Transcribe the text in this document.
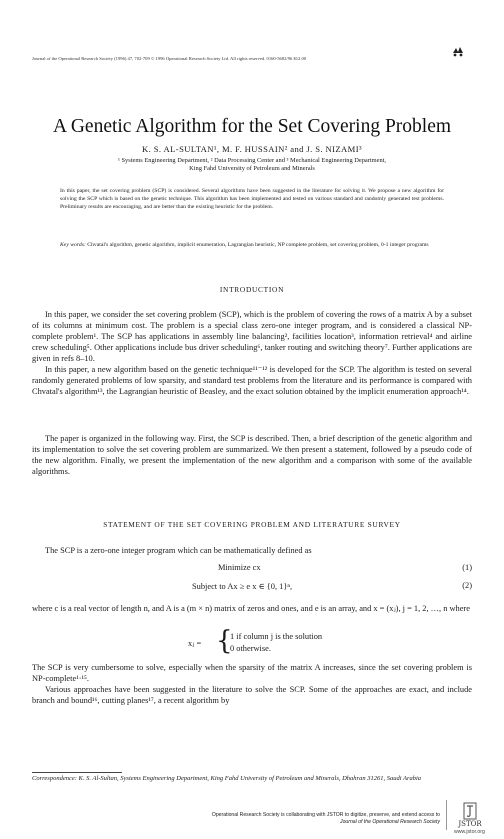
Journal of the Operational Research Society (1996) 47, 702-709 © 1996 Operational Research Society Ltd. All rights reserved. 0160-5682/96 $12.00
A Genetic Algorithm for the Set Covering Problem
K. S. AL-SULTAN¹, M. F. HUSSAIN² and J. S. NIZAMI³
¹ Systems Engineering Department, ² Data Processing Center and ³ Mechanical Engineering Department,
King Fahd University of Petroleum and Minerals
In this paper, the set covering problem (SCP) is considered. Several algorithms have been suggested in the literature for solving it. We propose a new algorithm for solving the SCP which is based on the genetic technique. This algorithm has been implemented and tested on various standard and randomly generated test problems. Preliminary results are encouraging, and are better than the existing heuristic for the problem.
Key words: Chvatal's algorithm, genetic algorithm, implicit enumeration, Lagrangian heuristic, NP complete problem, set covering problem, 0-1 integer programs
INTRODUCTION
In this paper, we consider the set covering problem (SCP), which is the problem of covering the rows of a matrix A by a subset of its columns at minimum cost. The problem is a special class zero-one integer program, and is considered a classical NP-complete problem¹. The SCP has applications in assembly line balancing², facilities location³, information retrieval⁴ and airline crew scheduling⁵. Other applications include bus driver scheduling⁶, tanker routing and switching theory⁷. Further applications are given in refs 8–10.
In this paper, a new algorithm based on the genetic technique¹¹⁻¹² is developed for the SCP. The algorithm is tested on several randomly generated problems of low sparsity, and standard test problems from the literature and its performance is compared with Chvatal's algorithm¹³, the Lagrangian heuristic of Beasley, and the exact solution obtained by the implicit enumeration approach¹⁴.
The paper is organized in the following way. First, the SCP is described. Then, a brief description of the genetic algorithm and its implementation to solve the set covering problem are summarized. We then present a statement, followed by a pseudo code of the new algorithm. Finally, we present the implementation of the new algorithm and a comparison with some of the available algorithms.
STATEMENT OF THE SET COVERING PROBLEM AND LITERATURE SURVEY
The SCP is a zero-one integer program which can be mathematically defined as
Minimize cx	(1)
Subject to Ax ≥ e x ∈ {0, 1}ⁿ,	(2)
where c is a real vector of length n, and A is a (m × n) matrix of zeros and ones, and e is an array, and x = (xⱼ), j = 1, 2, …, n where
xⱼ = {
1 if column j is the solution
0 otherwise.
The SCP is very cumbersome to solve, especially when the sparsity of the matrix A increases, since the set covering problem is NP-complete¹·¹⁵.
Various approaches have been suggested in the literature to solve the SCP. Some of the approaches are exact, and include branch and bound¹⁶, cutting planes¹⁷, a recent algorithm by
Correspondence: K. S. Al-Sultan, Systems Engineering Department, King Fahd University of Petroleum and Minerals, Dhahran 31261, Saudi Arabia
Operational Research Society is collaborating with JSTOR to digitize, preserve, and extend access to
Journal of the Operational Research Society	JSTOR
www.jstor.org
